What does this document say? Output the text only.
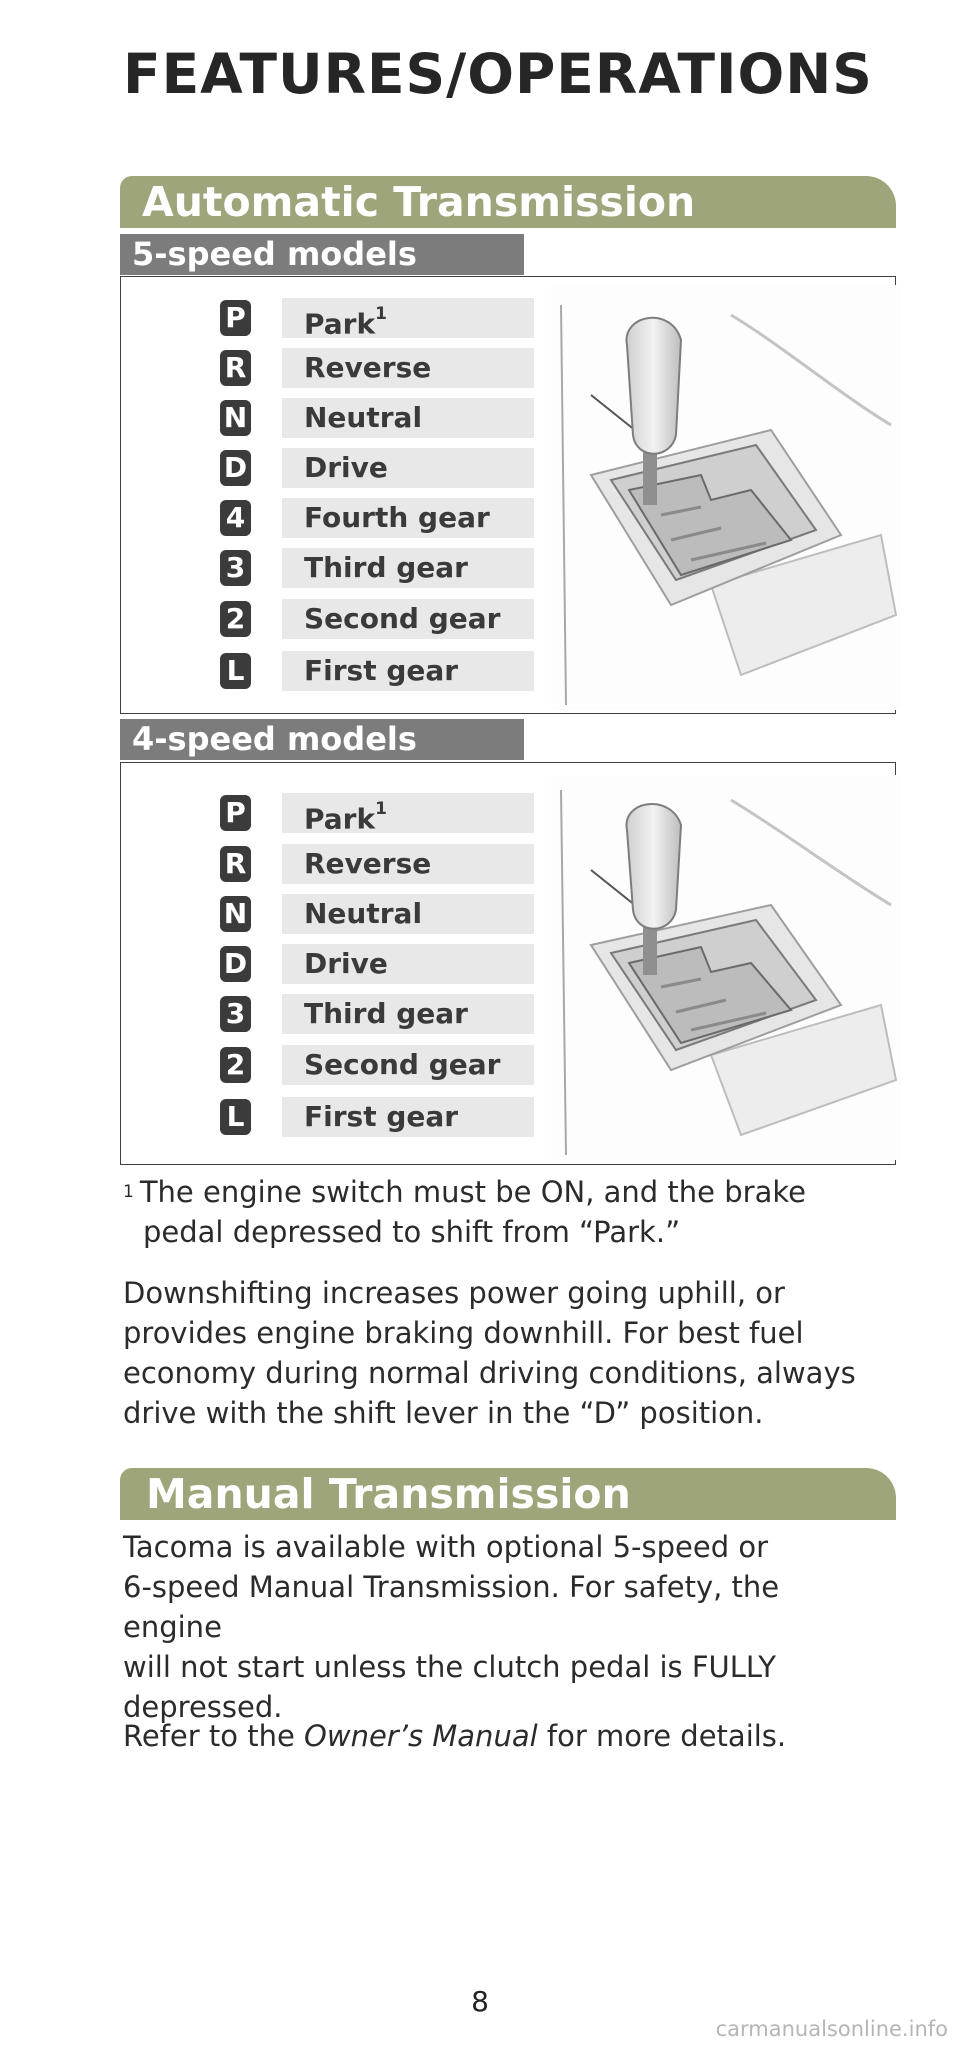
FEATURES/OPERATIONS
Automatic Transmission
5-speed models
P	Park$^1$
R	Reverse
N	Neutral
D	Drive
4	Fourth gear
3	Third gear
2	Second gear
L	First gear
4-speed models
P	Park$^1$
R	Reverse
N	Neutral
D	Drive
3	Third gear
2	Second gear
L	First gear
$^1$ The engine switch must be ON, and the brake
pedal depressed to shift from “Park.”
Downshifting increases power going uphill, or
provides engine braking downhill. For best fuel
economy during normal driving conditions, always
drive with the shift lever in the “D” position.
Manual Transmission
Tacoma is available with optional 5-speed or
6-speed Manual Transmission. For safety, the engine
will not start unless the clutch pedal is FULLY
depressed.
Refer to the Owner’s Manual for more details.
8
carmanualsonline.info
